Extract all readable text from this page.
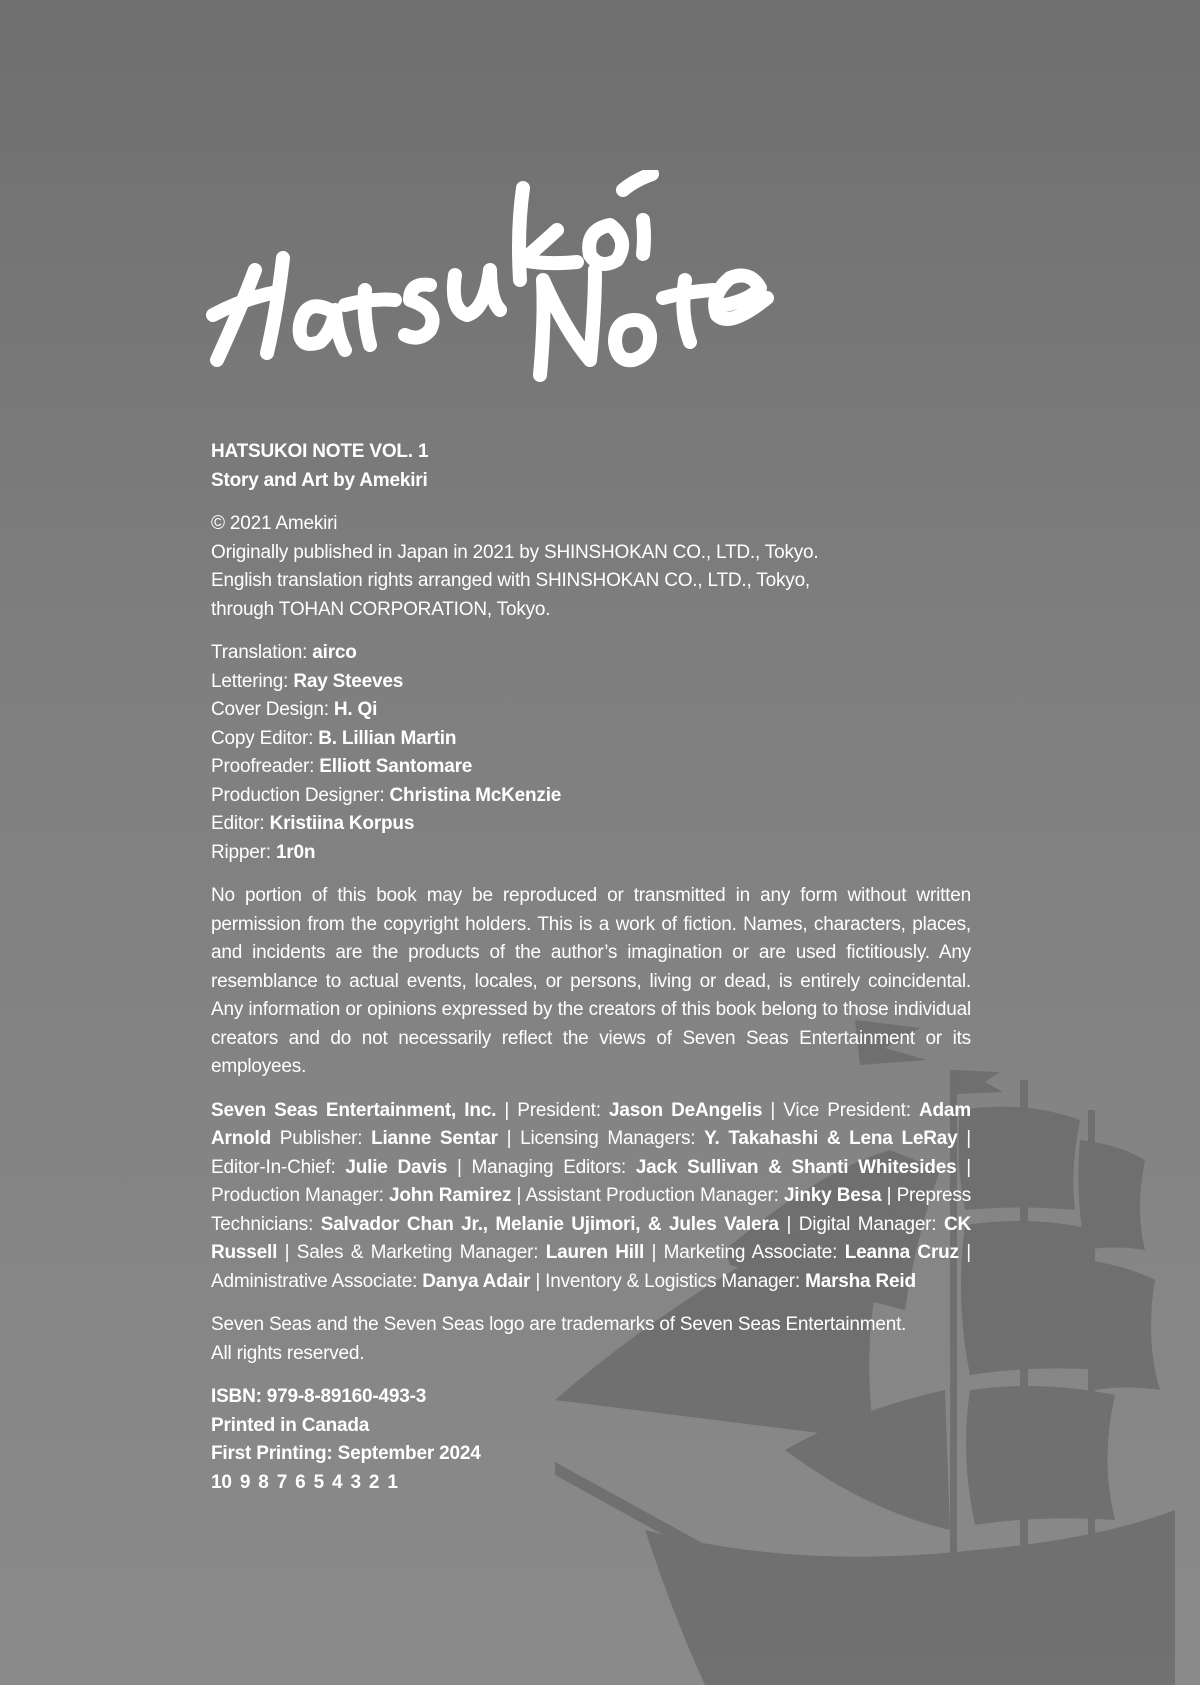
HATSUKOI NOTE VOL. 1
Story and Art by Amekiri
© 2021 Amekiri
Originally published in Japan in 2021 by SHINSHOKAN CO., LTD., Tokyo.
English translation rights arranged with SHINSHOKAN CO., LTD., Tokyo,
through TOHAN CORPORATION, Tokyo.
Translation: airco
Lettering: Ray Steeves
Cover Design: H. Qi
Copy Editor: B. Lillian Martin
Proofreader: Elliott Santomare
Production Designer: Christina McKenzie
Editor: Kristiina Korpus
Ripper: 1r0n
No portion of this book may be reproduced or transmitted in any form without written permission from the copyright holders. This is a work of fiction. Names, characters, places, and incidents are the products of the author’s imagination or are used fictitiously. Any resemblance to actual events, locales, or persons, living or dead, is entirely coincidental. Any information or opinions expressed by the creators of this book belong to those individual creators and do not necessarily reflect the views of Seven Seas Entertainment or its employees.
Seven Seas Entertainment, Inc. | President: Jason DeAngelis | Vice President: Adam Arnold Publisher: Lianne Sentar | Licensing Managers: Y. Takahashi & Lena LeRay | Editor-In-Chief: Julie Davis | Managing Editors: Jack Sullivan & Shanti Whitesides | Production Manager: John Ramirez | Assistant Production Manager: Jinky Besa | Prepress Technicians: Salvador Chan Jr., Melanie Ujimori, & Jules Valera | Digital Manager: CK Russell | Sales & Marketing Manager: Lauren Hill | Marketing Associate: Leanna Cruz | Administrative Associate: Danya Adair | Inventory & Logistics Manager: Marsha Reid
Seven Seas and the Seven Seas logo are trademarks of Seven Seas Entertainment.
All rights reserved.
ISBN: 979-8-89160-493-3
Printed in Canada
First Printing: September 2024
10 9 8 7 6 5 4 3 2 1
